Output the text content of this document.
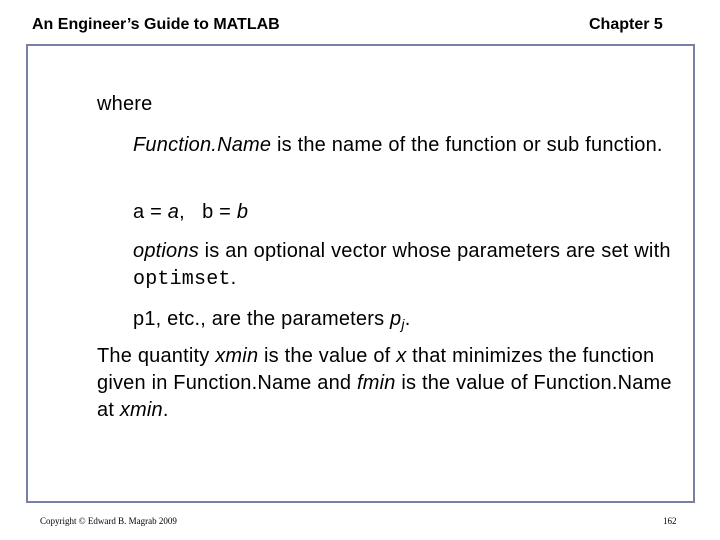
An Engineer’s Guide to MATLAB	Chapter 5
where
Function.Name is the name of the function or sub function.
a = a,   b = b
options is an optional vector whose parameters are set with optimset.
p1, etc., are the parameters $p_j$.
The quantity xmin is the value of x that minimizes the function given in Function.Name and fmin is the value of Function.Name at xmin.
Copyright © Edward B. Magrab 2009	162
